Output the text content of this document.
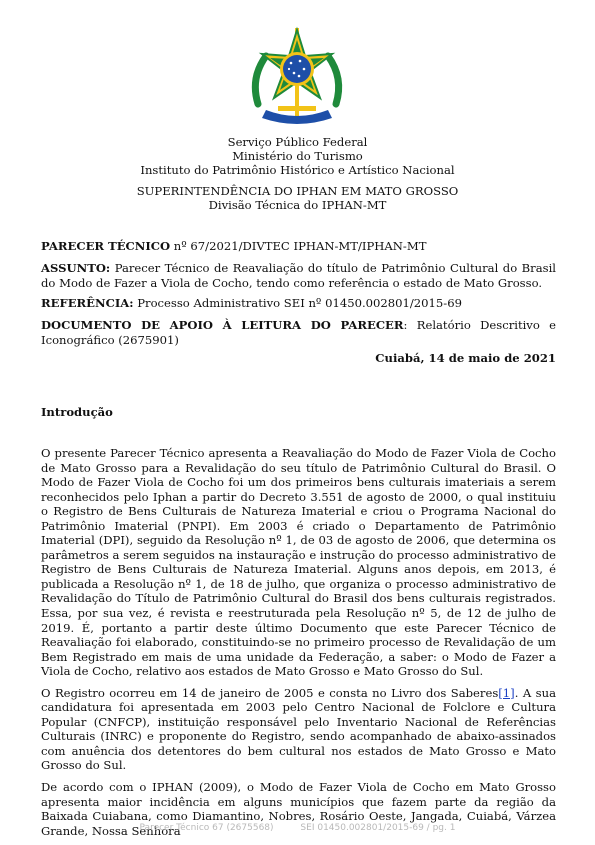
Serviço Público Federal
Ministério do Turismo
Instituto do Patrimônio Histórico e Artístico Nacional
SUPERINTENDÊNCIA DO IPHAN EM MATO GROSSO
Divisão Técnica do IPHAN-MT
PARECER TÉCNICO nº 67/2021/DIVTEC IPHAN-MT/IPHAN-MT
ASSUNTO: Parecer Técnico de Reavaliação do título de Patrimônio Cultural do Brasil do Modo de Fazer a Viola de Cocho, tendo como referência o estado de Mato Grosso.
REFERÊNCIA: Processo Administrativo SEI nº 01450.002801/2015-69
DOCUMENTO DE APOIO À LEITURA DO PARECER: Relatório Descritivo e Iconográfico (2675901)
Cuiabá, 14 de maio de 2021
Introdução

O presente Parecer Técnico apresenta a Reavaliação do Modo de Fazer Viola de Cocho de Mato Grosso para a Revalidação do seu título de Patrimônio Cultural do Brasil. O Modo de Fazer Viola de Cocho foi um dos primeiros bens culturais imateriais a serem reconhecidos pelo Iphan a partir do Decreto 3.551 de agosto de 2000, o qual instituiu o Registro de Bens Culturais de Natureza Imaterial e criou o Programa Nacional do Patrimônio Imaterial (PNPI). Em 2003 é criado o Departamento de Patrimônio Imaterial (DPI), seguido da Resolução nº 1, de 03 de agosto de 2006, que determina os parâmetros a serem seguidos na instauração e instrução do processo administrativo de Registro de Bens Culturais de Natureza Imaterial. Alguns anos depois, em 2013, é publicada a Resolução nº 1, de 18 de julho, que organiza o processo administrativo de Revalidação do Título de Patrimônio Cultural do Brasil dos bens culturais registrados. Essa, por sua vez, é revista e reestruturada pela Resolução nº 5, de 12 de julho de 2019. É, portanto a partir deste último Documento que este Parecer Técnico de Reavaliação foi elaborado, constituindo-se no primeiro processo de Revalidação de um Bem Registrado em mais de uma unidade da Federação, a saber: o Modo de Fazer a Viola de Cocho, relativo aos estados de Mato Grosso e Mato Grosso do Sul.

O Registro ocorreu em 14 de janeiro de 2005 e consta no Livro dos Saberes[1]. A sua candidatura foi apresentada em 2003 pelo Centro Nacional de Folclore e Cultura Popular (CNFCP), instituição responsável pelo Inventario Nacional de Referências Culturais (INRC) e proponente do Registro, sendo acompanhado de abaixo-assinados com anuência dos detentores do bem cultural nos estados de Mato Grosso e Mato Grosso do Sul.

De acordo com o IPHAN (2009), o Modo de Fazer Viola de Cocho em Mato Grosso apresenta maior incidência em alguns municípios que fazem parte da região da Baixada Cuiabana, como Diamantino, Nobres, Rosário Oeste, Jangada, Cuiabá, Várzea Grande, Nossa Senhora

Parecer Técnico 67 (2675568)	SEI 01450.002801/2015-69 / pg. 1
